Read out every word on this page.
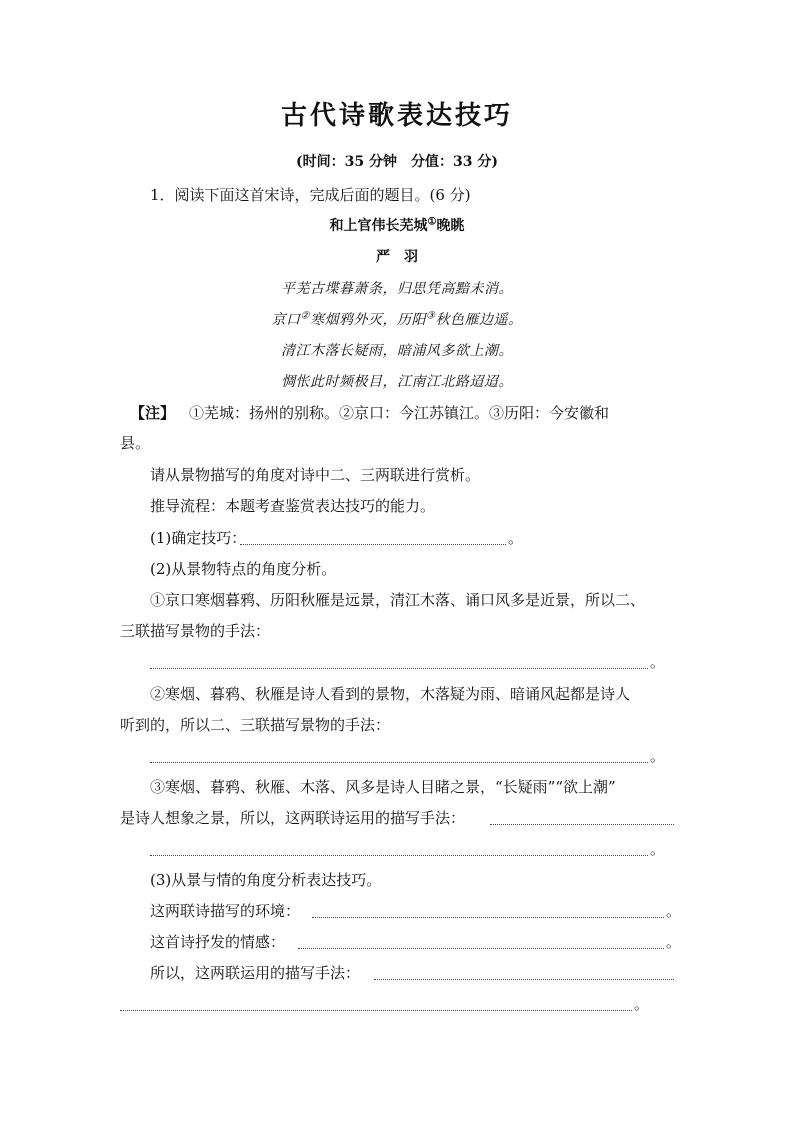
古代诗歌表达技巧
(时间：35 分钟　分值：33 分)
1．阅读下面这首宋诗，完成后面的题目。(6 分)
和上官伟长芜城①晚眺
严　羽
平芜古堞暮萧条，归思凭高黯未消。
京口②寒烟鸦外灭，历阳③秋色雁边遥。
清江木落长疑雨，暗浦风多欲上潮。
惆怅此时频极目，江南江北路迢迢。
【注】 ①芜城：扬州的别称。②京口：今江苏镇江。③历阳：今安徽和
县。
请从景物描写的角度对诗中二、三两联进行赏析。
推导流程：本题考查鉴赏表达技巧的能力。
(1)确定技巧：	。
(2)从景物特点的角度分析。
①京口寒烟暮鸦、历阳秋雁是远景，清江木落、诵口风多是近景，所以二、
三联描写景物的手法：
。
②寒烟、暮鸦、秋雁是诗人看到的景物，木落疑为雨、暗诵风起都是诗人
听到的，所以二、三联描写景物的手法：
。
③寒烟、暮鸦、秋雁、木落、风多是诗人目睹之景，“长疑雨”“欲上潮”
是诗人想象之景，所以，这两联诗运用的描写手法：
。
(3)从景与情的角度分析表达技巧。
这两联诗描写的环境：	。
这首诗抒发的情感：	。
所以，这两联运用的描写手法：
。
